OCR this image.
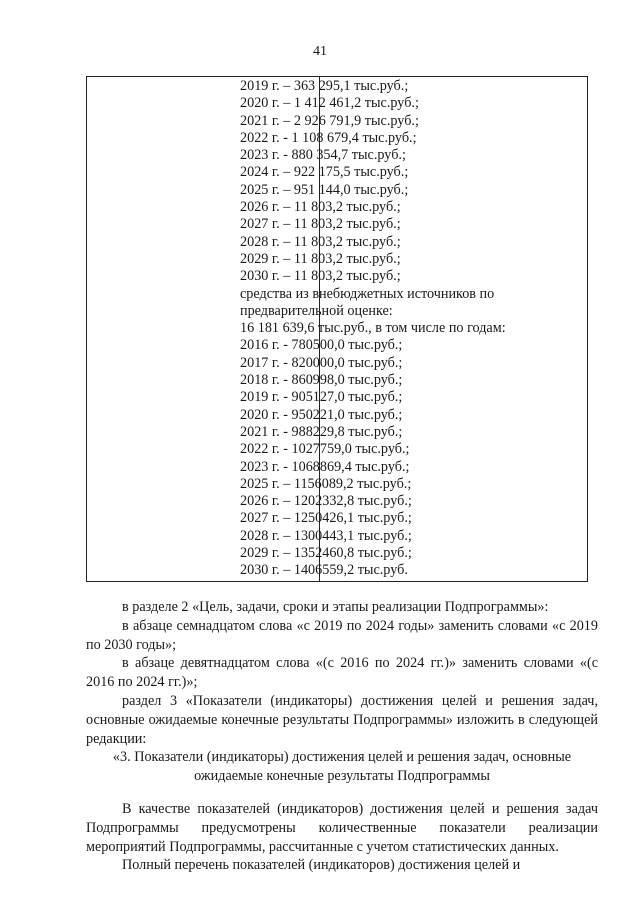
41
2019 г. – 363 295,1 тыс.руб.;
2020 г. – 1 412 461,2 тыс.руб.;
2021 г. – 2 926 791,9 тыс.руб.;
2022 г. - 1 108 679,4 тыс.руб.;
2023 г. - 880 354,7 тыс.руб.;
2024 г. – 922 175,5 тыс.руб.;
2025 г. – 951 144,0 тыс.руб.;
2026 г. – 11 803,2 тыс.руб.;
2027 г. – 11 803,2 тыс.руб.;
2028 г. – 11 803,2 тыс.руб.;
2029 г. – 11 803,2 тыс.руб.;
2030 г. – 11 803,2 тыс.руб.;
средства из внебюджетных источников по
предварительной оценке:
16 181 639,6 тыс.руб., в том числе по годам:
2016 г. - 780500,0 тыс.руб.;
2017 г. - 820000,0 тыс.руб.;
2018 г. - 860998,0 тыс.руб.;
2019 г. - 905127,0 тыс.руб.;
2020 г. - 950221,0 тыс.руб.;
2021 г. - 988229,8 тыс.руб.;
2022 г. - 1027759,0 тыс.руб.;
2023 г. - 1068869,4 тыс.руб.;
2025 г. – 1156089,2 тыс.руб.;
2026 г. – 1202332,8 тыс.руб.;
2027 г. – 1250426,1 тыс.руб.;
2028 г. – 1300443,1 тыс.руб.;
2029 г. – 1352460,8 тыс.руб.;
2030 г. – 1406559,2 тыс.руб.
в разделе 2 «Цель, задачи, сроки и этапы реализации Подпрограммы»:
в абзаце семнадцатом слова «с 2019 по 2024 годы» заменить словами «с 2019 по 2030 годы»;
в абзаце девятнадцатом слова «(с 2016 по 2024 гг.)» заменить словами «(с 2016 по 2024 гг.)»;
раздел 3 «Показатели (индикаторы) достижения целей и решения задач, основные ожидаемые конечные результаты Подпрограммы» изложить в следующей редакции:
«3. Показатели (индикаторы) достижения целей и решения задач, основные
ожидаемые конечные результаты Подпрограммы
В качестве показателей (индикаторов) достижения целей и решения задач Подпрограммы предусмотрены количественные показатели реализации мероприятий Подпрограммы, рассчитанные с учетом статистических данных.
Полный перечень показателей (индикаторов) достижения целей и
